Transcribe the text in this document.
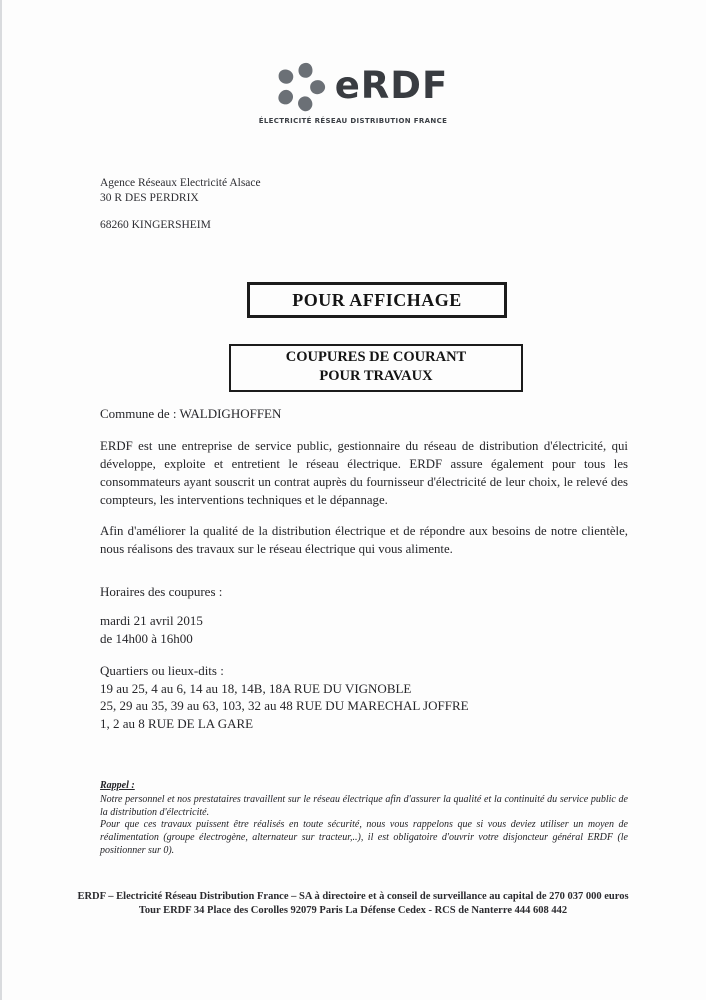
eRDF
ÉLECTRICITÉ RÉSEAU DISTRIBUTION FRANCE
Agence Réseaux Electricité Alsace
30 R DES PERDRIX
68260 KINGERSHEIM
POUR AFFICHAGE
COUPURES DE COURANT
POUR TRAVAUX
Commune de : WALDIGHOFFEN
ERDF est une entreprise de service public, gestionnaire du réseau de distribution d'électricité, qui développe, exploite et entretient le réseau électrique. ERDF assure également pour tous les consommateurs ayant souscrit un contrat auprès du fournisseur d'électricité de leur choix, le relevé des compteurs, les interventions techniques et le dépannage.
Afin d'améliorer la qualité de la distribution électrique et de répondre aux besoins de notre clientèle, nous réalisons des travaux sur le réseau électrique qui vous alimente.
Horaires des coupures :
mardi 21 avril 2015
de 14h00 à 16h00
Quartiers ou lieux-dits :
19 au 25, 4 au 6, 14 au 18, 14B, 18A RUE DU VIGNOBLE
25, 29 au 35, 39 au 63, 103, 32 au 48 RUE DU MARECHAL JOFFRE
1, 2 au 8 RUE DE LA GARE
Rappel :
Notre personnel et nos prestataires travaillent sur le réseau électrique afin d'assurer la qualité et la continuité du service public de la distribution d'électricité.
Pour que ces travaux puissent être réalisés en toute sécurité, nous vous rappelons que si vous deviez utiliser un moyen de réalimentation (groupe électrogène, alternateur sur tracteur,..), il est obligatoire d'ouvrir votre disjoncteur général ERDF (le positionner sur 0).
ERDF – Electricité Réseau Distribution France – SA à directoire et à conseil de surveillance au capital de 270 037 000 euros
Tour ERDF 34 Place des Corolles 92079 Paris La Défense Cedex - RCS de Nanterre 444 608 442
